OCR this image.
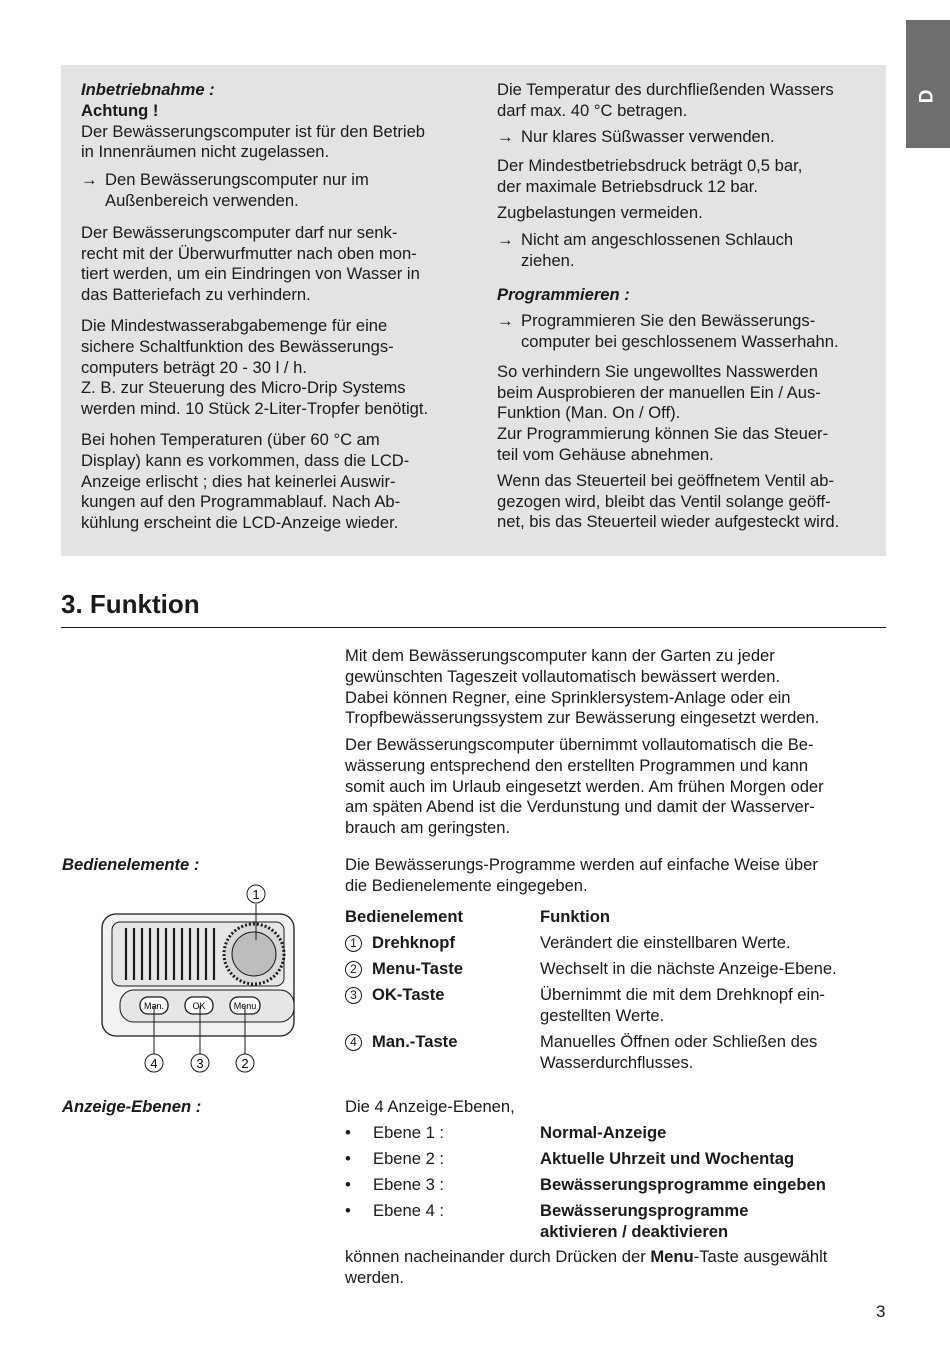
D

Inbetriebnahme :

Achtung !

Der Bewässerungscomputer ist für den Betrieb
in Innenräumen nicht zugelassen.
→ Den Bewässerungscomputer nur im
Außenbereich verwenden.
Der Bewässerungscomputer darf nur senk-
recht mit der Überwurfmutter nach oben mon-
tiert werden, um ein Eindringen von Wasser in
das Batteriefach zu verhindern.
Die Mindestwasserabgabemenge für eine
sichere Schaltfunktion des Bewässerungs-
computers beträgt 20 - 30 l / h.
Z. B. zur Steuerung des Micro-Drip Systems
werden mind. 10 Stück 2-Liter-Tropfer benötigt.
Bei hohen Temperaturen (über 60 °C am
Display) kann es vorkommen, dass die LCD-
Anzeige erlischt ; dies hat keinerlei Auswir-
kungen auf den Programmablauf. Nach Ab-
kühlung erscheint die LCD-Anzeige wieder.
Die Temperatur des durchfließenden Wassers
darf max. 40 °C betragen.
→ Nur klares Süßwasser verwenden.
Der Mindestbetriebsdruck beträgt 0,5 bar,
der maximale Betriebsdruck 12 bar.
Zugbelastungen vermeiden.
→ Nicht am angeschlossenen Schlauch
ziehen.

Programmieren :

→ Programmieren Sie den Bewässerungs-
computer bei geschlossenem Wasserhahn.
So verhindern Sie ungewolltes Nasswerden
beim Ausprobieren der manuellen Ein / Aus-
Funktion (Man. On / Off).
Zur Programmierung können Sie das Steuer-
teil vom Gehäuse abnehmen.
Wenn das Steuerteil bei geöffnetem Ventil ab-
gezogen wird, bleibt das Ventil solange geöff-
net, bis das Steuerteil wieder aufgesteckt wird.
3. Funktion
Mit dem Bewässerungscomputer kann der Garten zu jeder
gewünschten Tageszeit vollautomatisch bewässert werden.
Dabei können Regner, eine Sprinklersystem-Anlage oder ein
Tropfbewässerungssystem zur Bewässerung eingesetzt werden.
Der Bewässerungscomputer übernimmt vollautomatisch die Be-
wässerung entsprechend den erstellten Programmen und kann
somit auch im Urlaub eingesetzt werden. Am frühen Morgen oder
am späten Abend ist die Verdunstung und damit der Wasserver-
brauch am geringsten.
Bedienelemente :	Die Bewässerungs-Programme werden auf einfache Weise über
die Bedienelemente eingegeben.
Bedienelement	Funktion
1 Drehknopf	Verändert die einstellbaren Werte.
2 Menu-Taste	Wechselt in die nächste Anzeige-Ebene.
3 OK-Taste	Übernimmt die mit dem Drehknopf ein-
gestellten Werte.
4 Man.-Taste	Manuelles Öffnen oder Schließen des
Wasserdurchflusses.
Man.	OK	Menu
1
4	3	2
Anzeige-Ebenen :	Die 4 Anzeige-Ebenen,

• Ebene 1 :	Normal-Anzeige
• Ebene 2 :	Aktuelle Uhrzeit und Wochentag
• Ebene 3 :	Bewässerungsprogramme eingeben
• Ebene 4 :	Bewässerungsprogramme
aktivieren / deaktivieren

können nacheinander durch Drücken der Menu-Taste ausgewählt
werden.

3
